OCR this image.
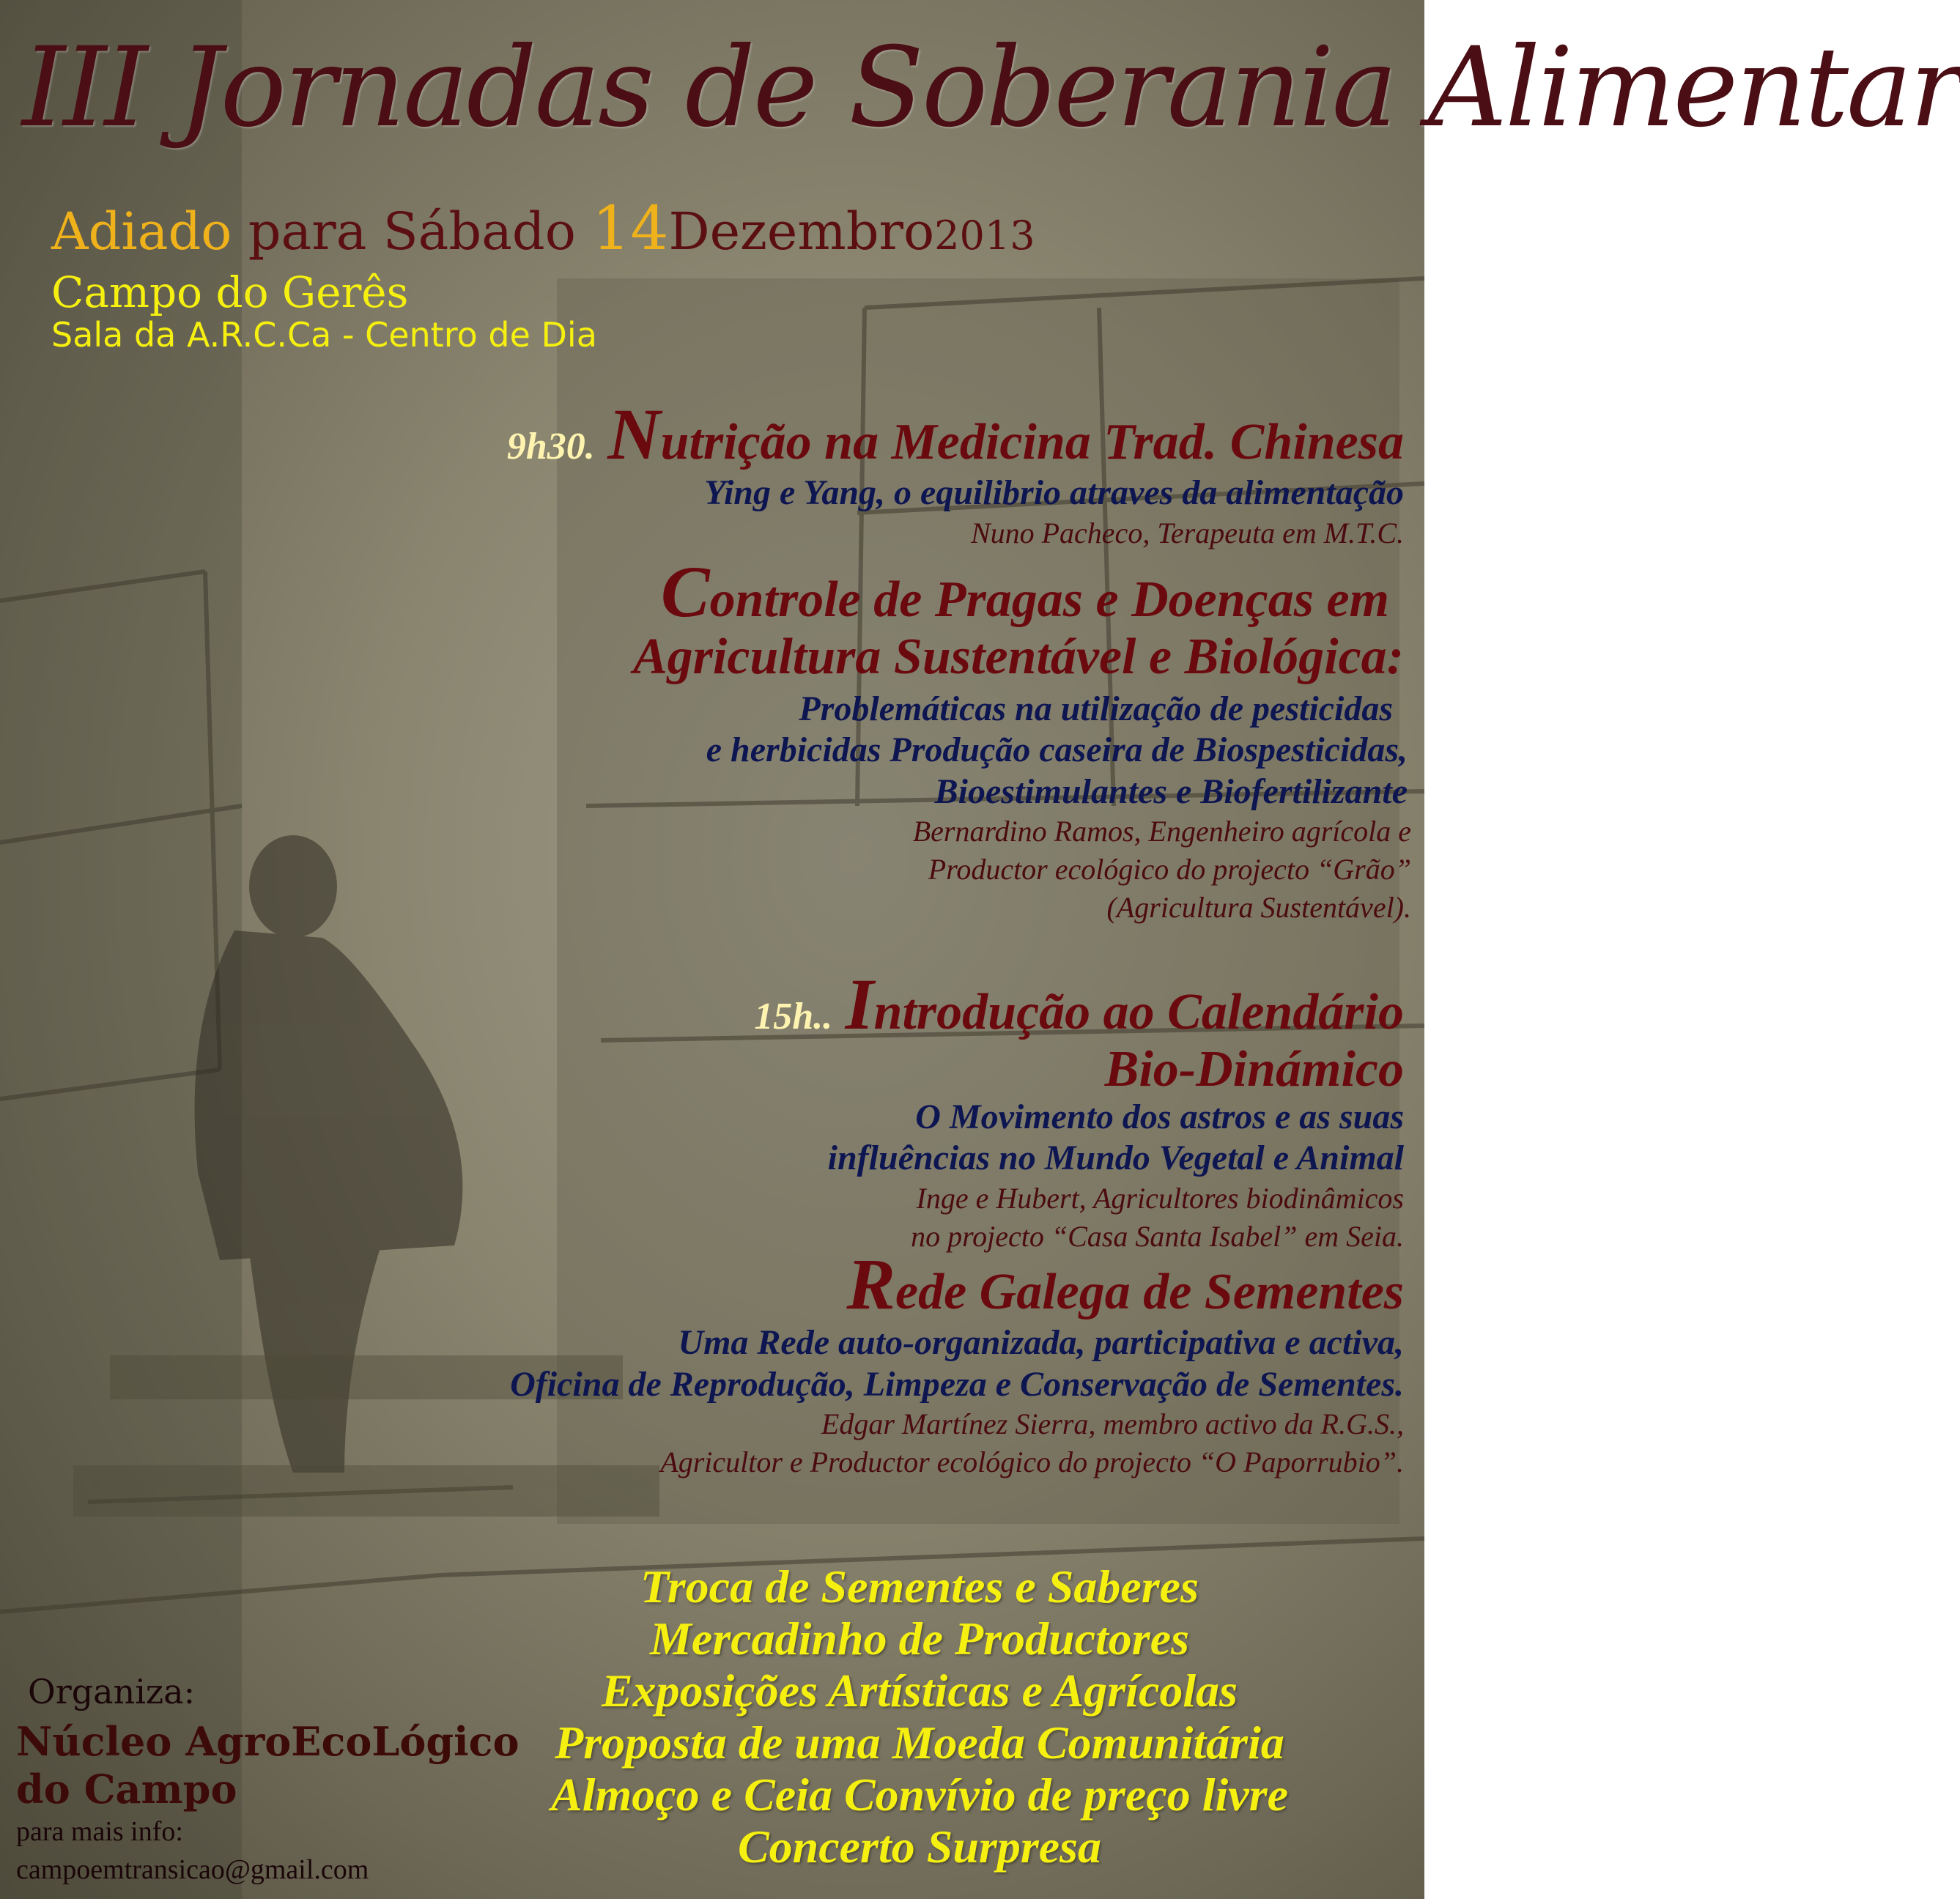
III Jornadas de Soberania Alimentar
Adiado para Sábado 14Dezembro2013
Campo do Gerês
Sala da A.R.C.Ca - Centro de Dia
9h30. Nutrição na Medicina Trad. Chinesa
Ying e Yang, o equilibrio atraves da alimentação
Nuno Pacheco, Terapeuta em M.T.C.
Controle de Pragas e Doenças em
Agricultura Sustentável e Biológica:
Problemáticas na utilização de pesticidas
e herbicidas Produção caseira de Biospesticidas,
Bioestimulantes e Biofertilizante
Bernardino Ramos, Engenheiro agrícola e
Productor ecológico do projecto “Grão”
(Agricultura Sustentável).
15h.. Introdução ao Calendário
Bio-Dinámico
O Movimento dos astros e as suas
influências no Mundo Vegetal e Animal
Inge e Hubert, Agricultores biodinâmicos
no projecto “Casa Santa Isabel” em Seia.
Rede Galega de Sementes
Uma Rede auto-organizada, participativa e activa,
Oficina de Reprodução, Limpeza e Conservação de Sementes.
Edgar Martínez Sierra, membro activo da R.G.S.,
Agricultor e Productor ecológico do projecto “O Paporrubio”.
Troca de Sementes e Saberes
Mercadinho de Productores
Exposições Artísticas e Agrícolas
Proposta de uma Moeda Comunitária
Almoço e Ceia Convívio de preço livre
Concerto Surpresa
Organiza:
Núcleo AgroEcoLógico
do Campo
para mais info:
campoemtransicao@gmail.com
